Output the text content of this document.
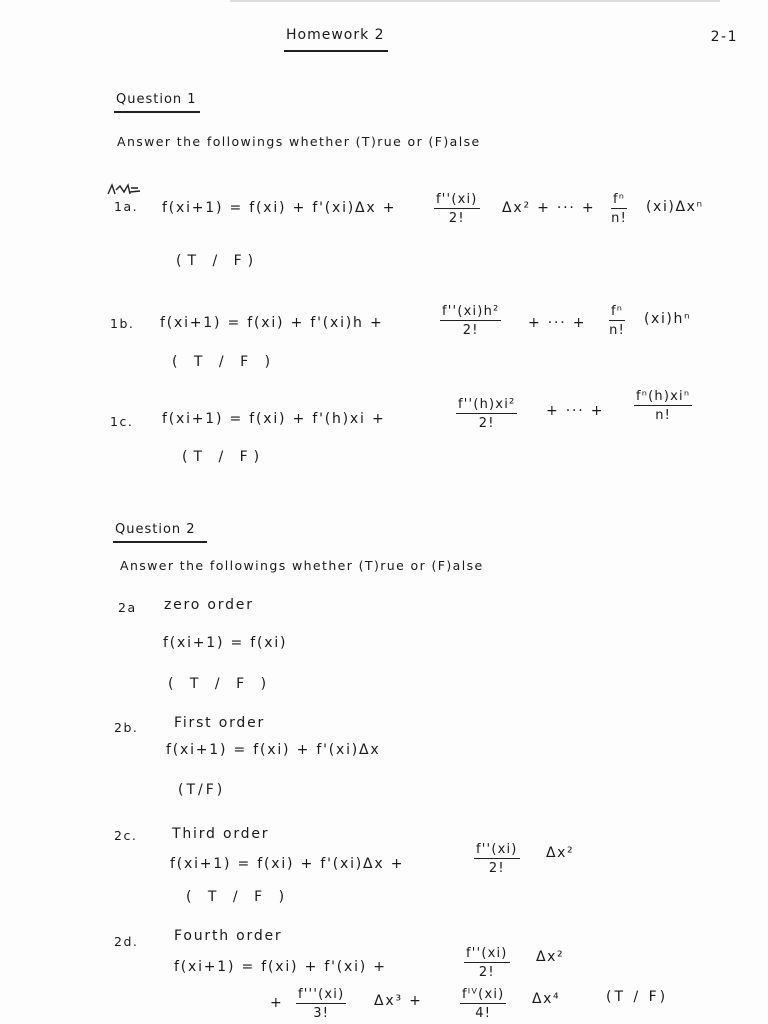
Homework 2	2-1
Question 1
Answer the followings whether (T)rue or (F)alse
1a. f(xi+1) = f(xi) + f'(xi)Δx +
f''(xi)
2!
Δx² + ··· +
fⁿ
n!
(xi)Δxⁿ
(T / F)
1b. f(xi+1) = f(xi) + f'(xi)h +
f''(xi)h²
2!	+ ··· +
fⁿ
n!
(xi)hⁿ
( T / F )
1c. f(xi+1) = f(xi) + f'(h)xi +
f''(h)xi²
2!
+ ··· +
fⁿ(h)xiⁿ
n!
(T / F)
Question 2
Answer the followings whether (T)rue or (F)alse
2a zero order
f(xi+1) = f(xi)
( T / F )
2b.	First order
f(xi+1) = f(xi) + f'(xi)Δx
(T/F)
2c. Third order
f(xi+1) = f(xi) + f'(xi)Δx +
f''(xi)
2!
Δx²
( T / F )
2d.	Fourth order
f(xi+1) = f(xi) + f'(xi) +
f''(xi)
2!
Δx²
+
f'''(xi)
3!
Δx³ +	fᴵⱽ(xi)
4!
Δx⁴	(T / F)
